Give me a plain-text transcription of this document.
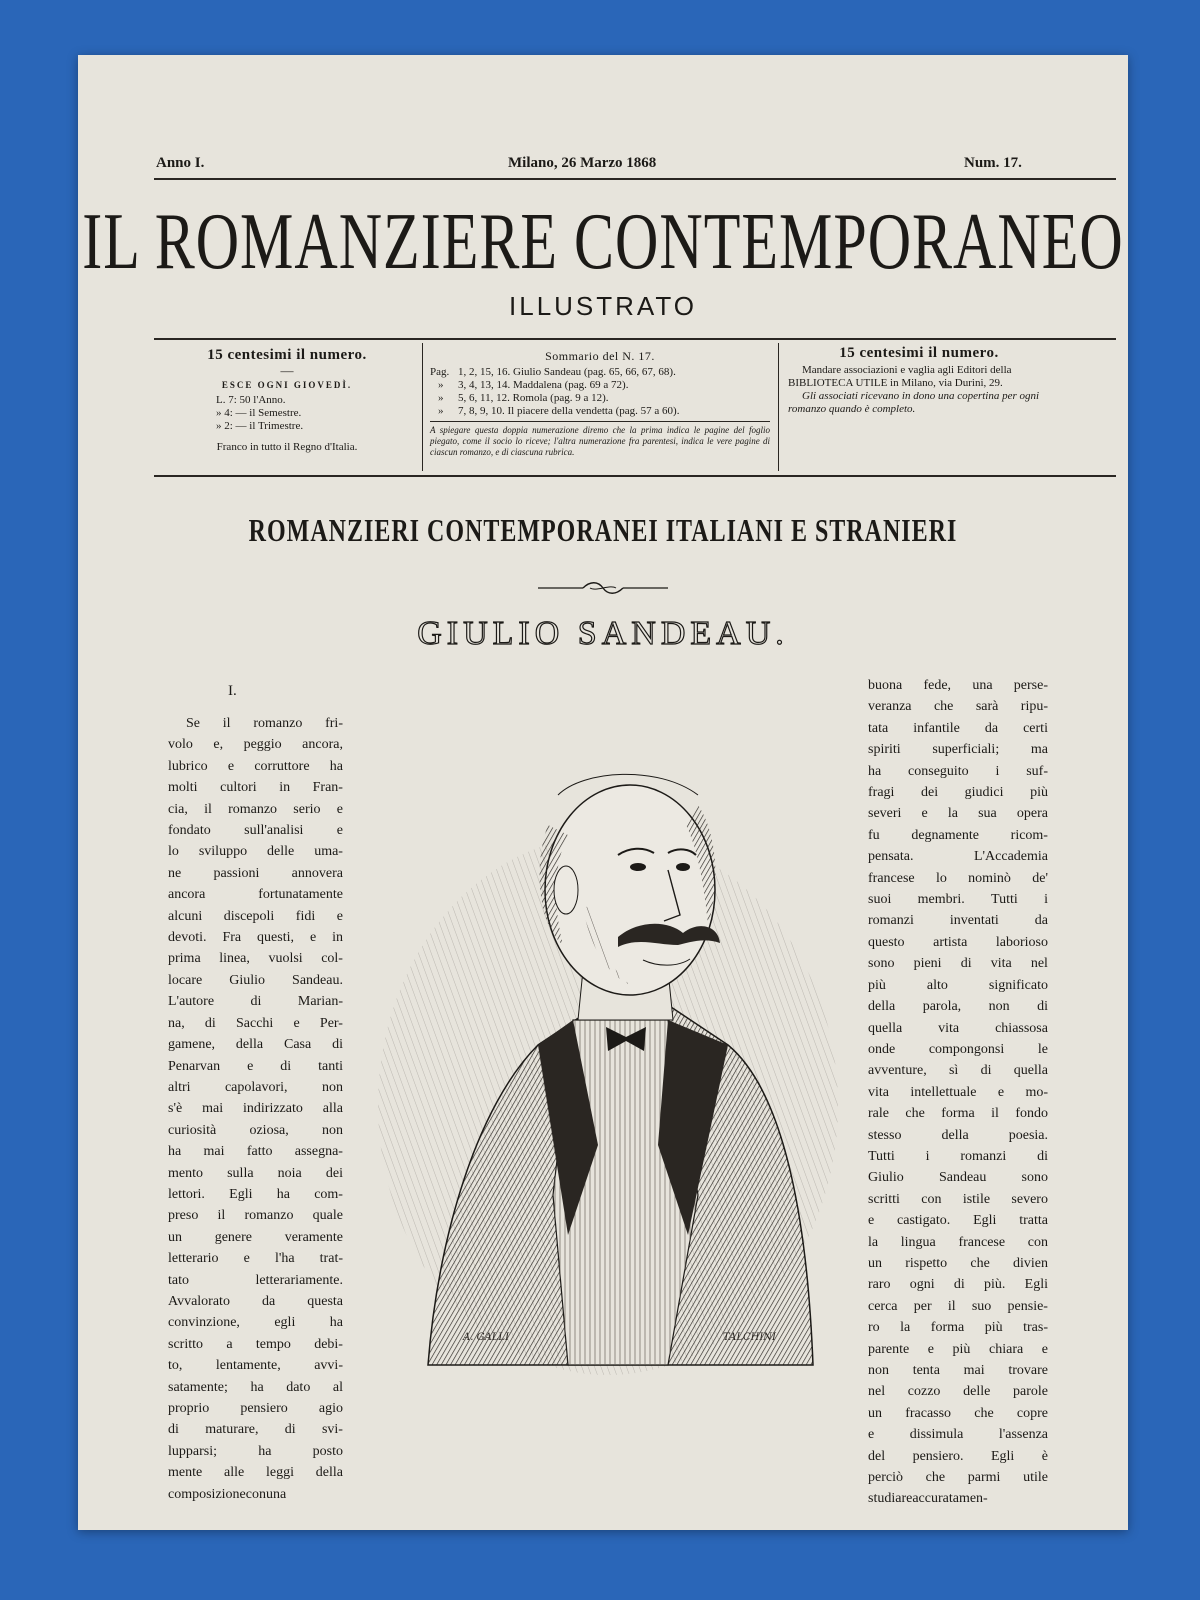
Anno I.	Milano, 26 Marzo 1868	Num. 17.
IL ROMANZIERE CONTEMPORANEO
ILLUSTRATO
15 centesimi il numero.
—
ESCE OGNI GIOVEDÌ.
L. 7: 50 l'Anno.
» 4: — il Semestre.
» 2: — il Trimestre.
Franco in tutto il Regno d'Italia.
Sommario del N. 17.
Pag. 1, 2, 15, 16. Giulio Sandeau (pag. 65, 66, 67, 68).
»	3, 4, 13, 14. Maddalena (pag. 69 a 72).
»	5, 6, 11, 12. Romola (pag. 9 a 12).
»	7, 8, 9, 10. Il piacere della vendetta (pag. 57 a 60).
A spiegare questa doppia numerazione diremo che la prima indica le pagine del foglio piegato, come il socio lo riceve; l'altra numerazione fra parentesi, indica le vere pagine di ciascun romanzo, e di ciascuna rubrica.
15 centesimi il numero.
Mandare associazioni e vaglia agli Editori della BIBLIOTECA UTILE in Milano, via Durini, 29.
Gli associati ricevano in dono una copertina per ogni romanzo quando è completo.
ROMANZIERI CONTEMPORANEI ITALIANI E STRANIERI
GIULIO SANDEAU.
I.
Se il romanzo fri-
volo e, peggio ancora,
lubrico e corruttore ha
molti cultori in Fran-
cia, il romanzo serio e
fondato sull'analisi e
lo sviluppo delle uma-
ne passioni annovera
ancora	fortunatamente
alcuni discepoli fidi e
devoti. Fra questi, e in
prima linea, vuolsi col-
locare Giulio Sandeau.
L'autore	di	Marian-
na, di Sacchi e Per-
gamene, della Casa di
Penarvan e di tanti
altri capolavori, non
s'è mai indirizzato alla
curiosità oziosa, non
ha mai fatto assegna-
mento sulla noia dei
lettori. Egli ha com-
preso il romanzo quale
un genere veramente
letterario e l'ha trat-
tato	letterariamente.
Avvalorato da questa
convinzione, egli ha
scritto a tempo debi-
to, lentamente, avvi-
satamente; ha dato al
proprio pensiero agio
di maturare, di svi-
lupparsi;	ha	posto
mente alle leggi della
composizione con una
A. GALLI	TALCHINI
buona fede, una perse-
veranza che sarà ripu-
tata infantile da certi
spiriti superficiali; ma
ha conseguito i suf-
fragi dei giudici più
severi e la sua opera
fu degnamente ricom-
pensata.	L'Accademia
francese lo nominò de'
suoi membri. Tutti i
romanzi	inventati	da
questo artista laborioso
sono pieni di vita nel
più	alto	significato
della parola, non di
quella	vita	chiassosa
onde compongonsi le
avventure, sì di quella
vita intellettuale e mo-
rale che forma il fondo
stesso	della	poesia.
Tutti i romanzi di
Giulio	Sandeau	sono
scritti con istile severo
e castigato. Egli tratta
la lingua francese con
un rispetto che divien
raro ogni di più. Egli
cerca per il suo pensie-
ro la forma più tras-
parente e più chiara e
non tenta mai trovare
nel cozzo delle parole
un fracasso che copre
e	dissimula	l'assenza
del pensiero. Egli è
perciò che parmi utile
studiare accuratamen-
